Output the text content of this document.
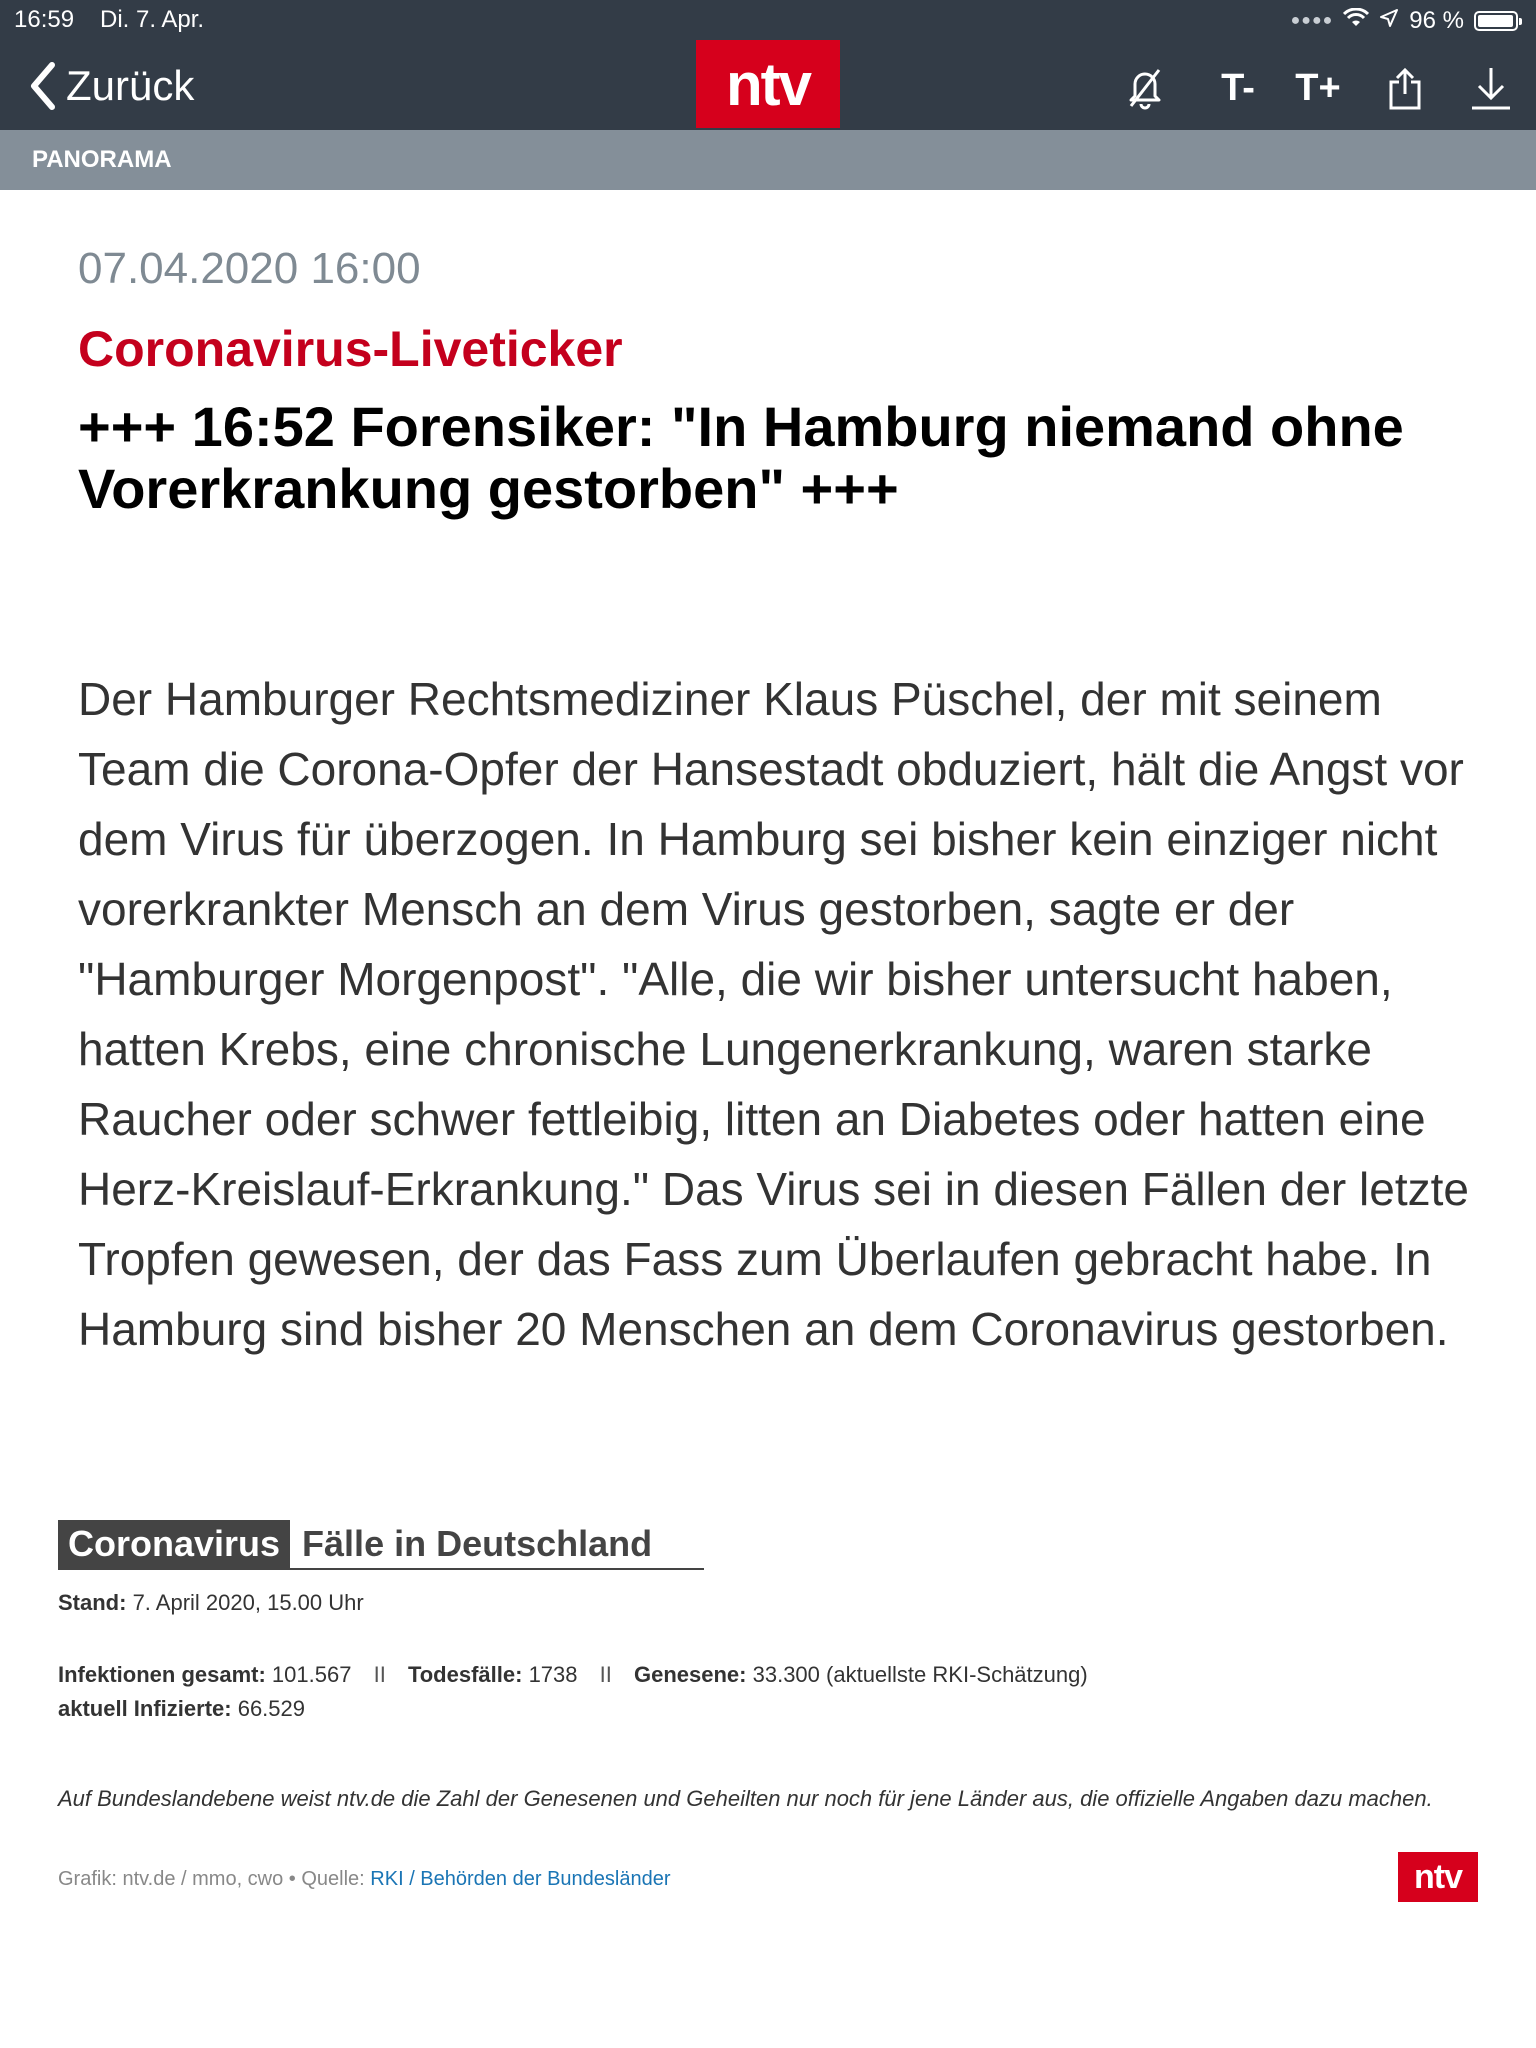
16:59 Di. 7. Apr.	●●●●	96 %
Zurück	ntv	T-	T+
PANORAMA
07.04.2020 16:00
Coronavirus-Liveticker
+++ 16:52 Forensiker: "In Hamburg niemand ohne Vorerkrankung gestorben" +++
Der Hamburger Rechtsmediziner Klaus Püschel, der mit seinem Team die Corona-Opfer der Hansestadt obduziert, hält die Angst vor dem Virus für überzogen. In Hamburg sei bisher kein einziger nicht vorerkrankter Mensch an dem Virus gestorben, sagte er der "Hamburger Morgenpost". "Alle, die wir bisher untersucht haben, hatten Krebs, eine chronische Lungenerkrankung, waren starke Raucher oder schwer fettleibig, litten an Diabetes oder hatten eine Herz-Kreislauf-Erkrankung." Das Virus sei in diesen Fällen der letzte Tropfen gewesen, der das Fass zum Überlaufen gebracht habe. In Hamburg sind bisher 20 Menschen an dem Coronavirus gestorben.
Coronavirus Fälle in Deutschland
Stand: 7. April 2020, 15.00 Uhr
Infektionen gesamt: 101.567 II Todesfälle: 1738 II Genesene: 33.300 (aktuellste RKI-Schätzung)
aktuell Infizierte: 66.529
Auf Bundeslandebene weist ntv.de die Zahl der Genesenen und Geheilten nur noch für jene Länder aus, die offizielle Angaben dazu machen.
Grafik: ntv.de / mmo, cwo • Quelle: RKI / Behörden der Bundesländer	ntv
